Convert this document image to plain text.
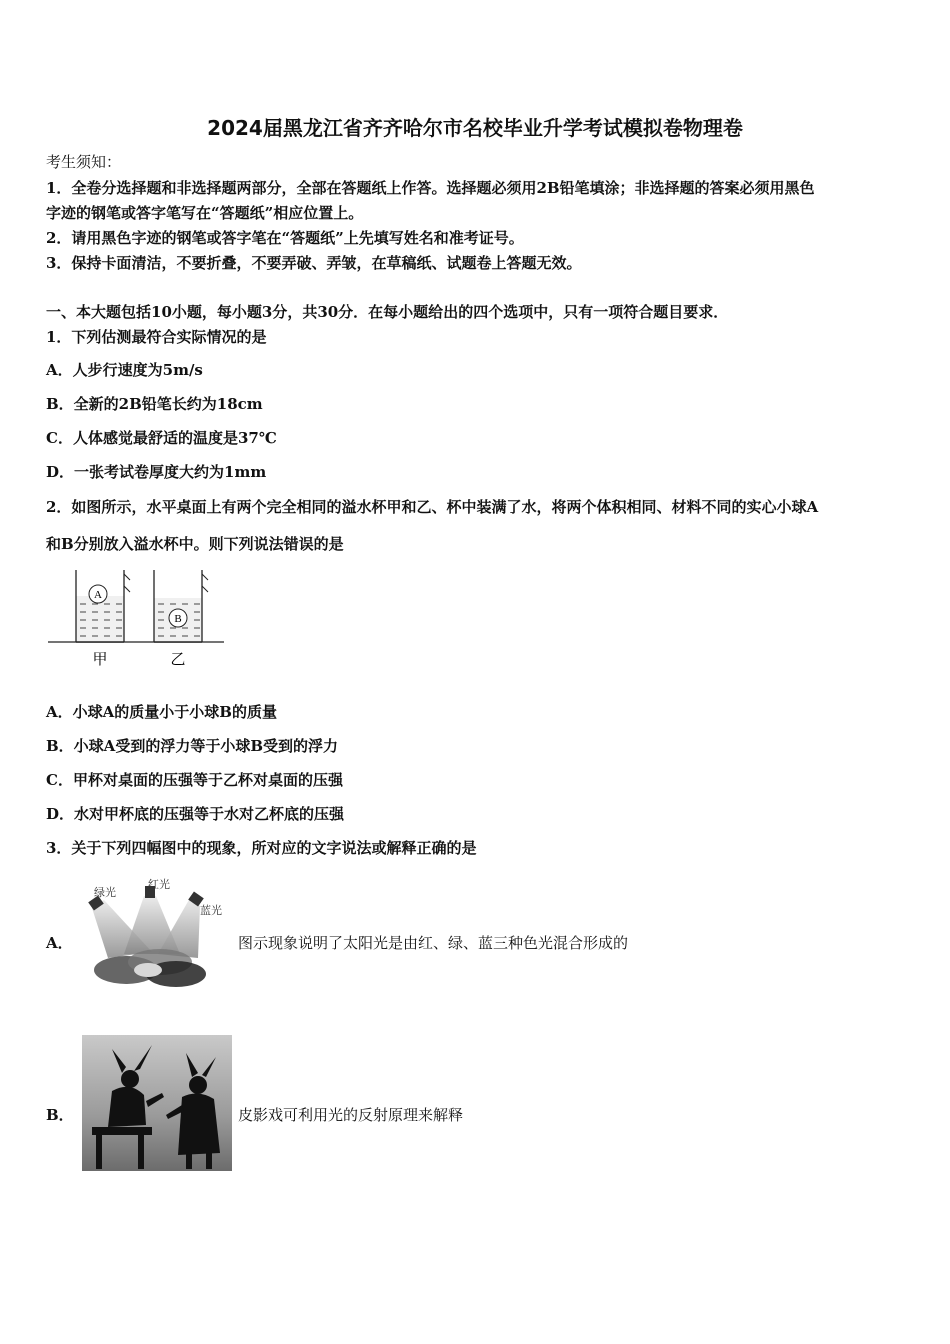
2024届黑龙江省齐齐哈尔市名校毕业升学考试模拟卷物理卷
考生须知：
1．全卷分选择题和非选择题两部分，全部在答题纸上作答。选择题必须用2B铅笔填涂；非选择题的答案必须用黑色
字迹的钢笔或答字笔写在“答题纸”相应位置上。
2．请用黑色字迹的钢笔或答字笔在“答题纸”上先填写姓名和准考证号。
3．保持卡面清洁，不要折叠，不要弄破、弄皱，在草稿纸、试题卷上答题无效。
一、本大题包括10小题，每小题3分，共30分．在每小题给出的四个选项中，只有一项符合题目要求．
1．下列估测最符合实际情况的是
A．人步行速度为5m/s
B．全新的2B铅笔长约为18cm
C．人体感觉最舒适的温度是37℃
D．一张考试卷厚度大约为1mm
2．如图所示，水平桌面上有两个完全相同的溢水杯甲和乙、杯中装满了水，将两个体积相同、材料不同的实心小球A
和B分别放入溢水杯中。则下列说法错误的是
A
B
甲	乙
A．小球A的质量小于小球B的质量
B．小球A受到的浮力等于小球B受到的浮力
C．甲杯对桌面的压强等于乙杯对桌面的压强
D．水对甲杯底的压强等于水对乙杯底的压强
3．关于下列四幅图中的现象，所对应的文字说法或解释正确的是
A．
绿光
红光
蓝光
图示现象说明了太阳光是由红、绿、蓝三种色光混合形成的
B．	皮影戏可利用光的反射原理来解释
